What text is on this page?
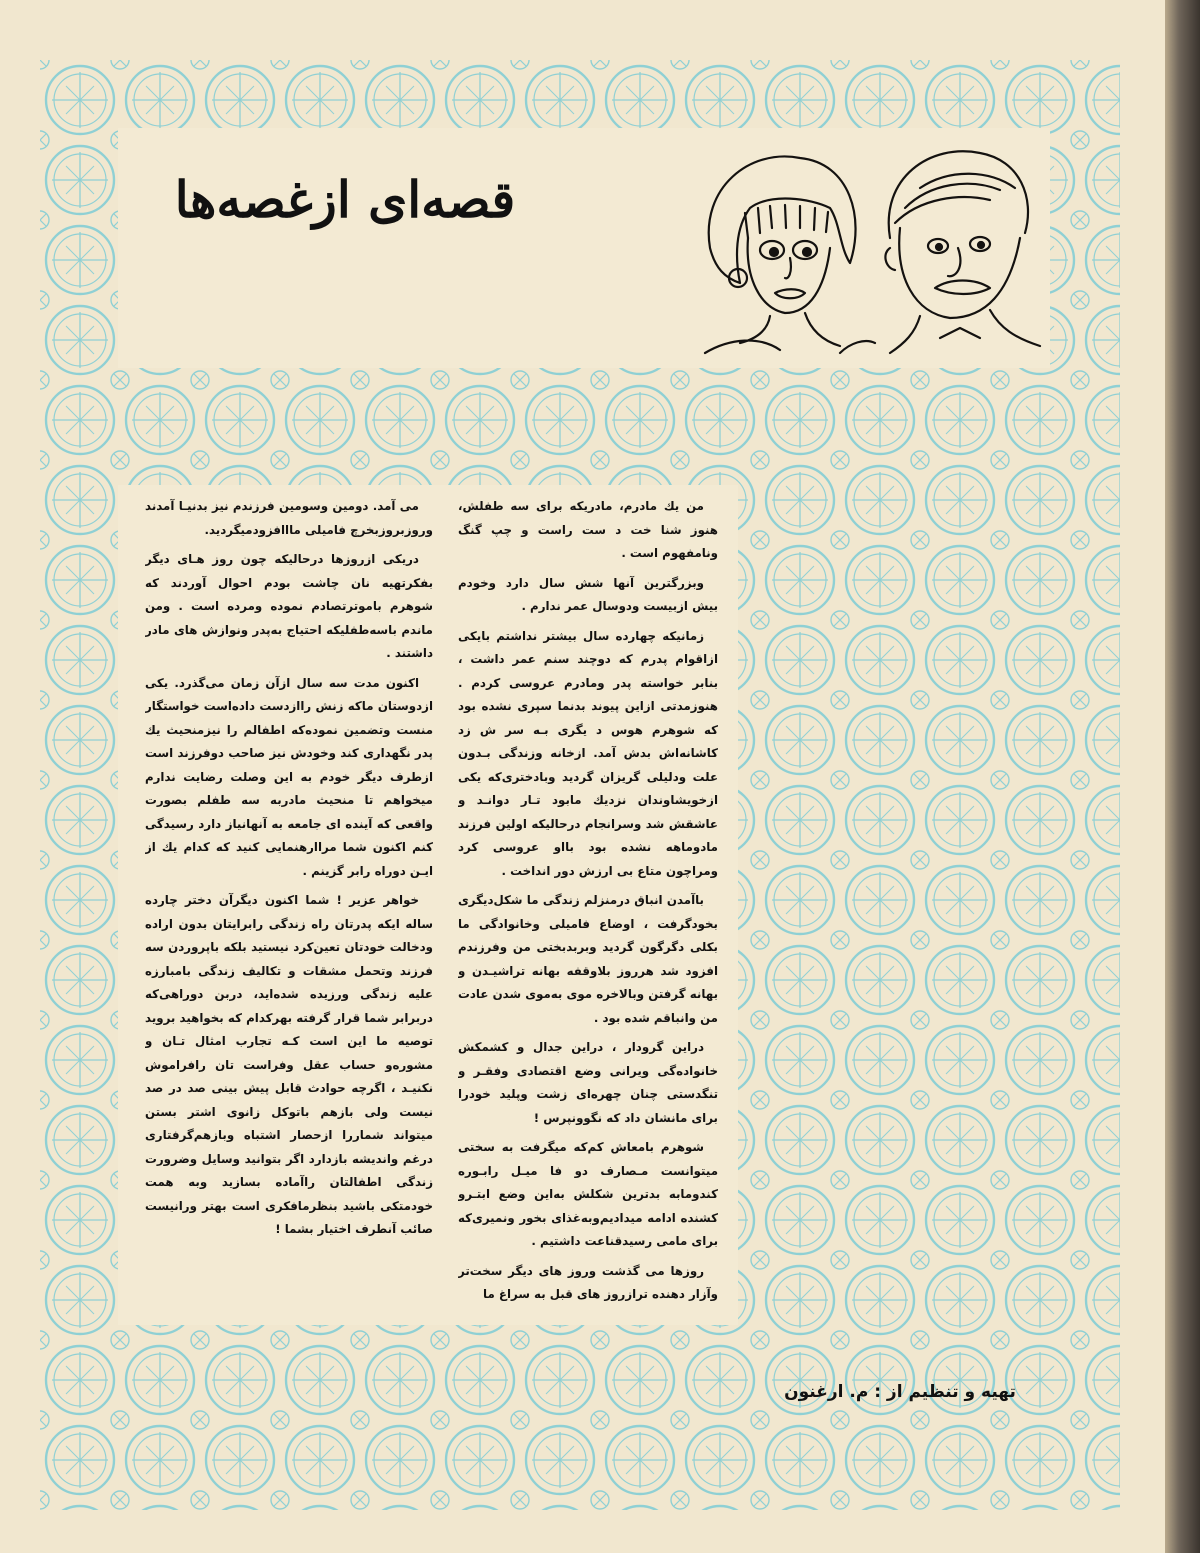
قصه‌ای ازغصه‌ها

من یك مادرم، مادریكه برای سه طفلش، هنوز شنا خت د ست راست و چپ گنگ ونامفهوم است .

وبزرگترین آنها شش سال دارد وخودم بیش ازبیست ودوسال عمر ندارم .

زمانیکه چهارده سال بیشتر نداشتم بایکی ازاقوام پدرم که دوچند سنم عمر داشت ، بنابر خواسته پدر ومادرم عروسی کردم . هنوزمدتی ازاین پیوند بدنما سپری نشده بود که شوهرم هوس د یگری بـه سر ش زد کاشانه‌اش بدش آمد. ازخانه وزندگی بـدون علت ودلیلی گریزان گردید وبادختری‌که یکی ازخویشاوندان نزدیك مابود تـار دوانـد و عاشقش شد وسرانجام درحالیکه اولین فرزند مادوماهه نشده بود بااو عروسی کرد ومراچون متاع بی ارزش دور انداخت .

باآمدن انباق درمنزلم زندگی ما شکل‌دیگری بخودگرفت ، اوضاع فامیلی وخانوادگی ما بکلی دگرگون گردید وبربدبختی من وفرزندم افزود شد هرروز بلاوقفه بهانه تراشیـدن و بهانه گرفتن وبالاخره موی به‌موی شدن عادت من وانباقم شده بود .

دراین گرودار ، دراین جدال و کشمکش خانواده‌گی ویرانی وضع اقتصادی وفقـر و تنگدستی چنان چهره‌ای زشت وپلید خودرا برای مانشان داد که نگوونپرس !

شوهرم بامعاش کم‌که میگرفت به سختی میتوانست مـصارف دو فا میـل رابـوره کندومابه بدترین شکلش به‌این وضع ابتـرو کشنده ادامه میدادیم‌وبه‌غذای بخور ونمیری‌که برای مامی رسیدقناعت داشتیم .

روزها می گذشت وروز های دیگر سخت‌تر وآزار دهنده ترازروز های قبل به سراغ ما

می آمد. دومین وسومین فرزندم نیز بدنیـا آمدند وروزبروزبخرچ فامیلی مااافزودمیگردید.

دریکی ازروزها درحالیکه چون روز هـای دیگر بفکرتهیه نان چاشت بودم احوال آوردند که شوهرم باموترتصادم نموده ومرده است . ومن ماندم باسه‌طفلیکه احتیاج به‌پدر ونوازش های مادر داشتند .

اکنون مدت سه سال ازآن زمان می‌گذرد. یکی ازدوستان ماکه زنش راازدست داده‌است خواستگار منست وتضمین نموده‌که اطفالم را نیزمنحیث یك پدر نگهداری کند وخودش نیز صاحب دوفرزند است ازطرف دیگر خودم به این وصلت رضایت ندارم میخواهم تا منحیث مادربه سه طفلم بصورت واقعی که آینده ای جامعه به آنهانیاز دارد رسیدگی کنم اکنون شما مراارهنمایی کنید که کدام یك از ایـن دوراه رابر گزینم .

خواهر عزیر ! شما اکنون دیگرآن دختر چارده ساله ایکه پدرتان راه زندگی رابرایتان بدون اراده ودخالت خودتان تعین‌کرد نیستید بلکه باپروردن سه فرزند وتحمل مشقات و تکالیف زندگی بامبارزه علیه زندگی ورزیده شده‌اید، دربن دوراهی‌که دربرابر شما قرار گرفته بهرکدام که بخواهید بروید توصیه ما این است کـه تجارب امثال تـان و مشوره‌و حساب عقل وفراست تان رافراموش نکنیـد ، اگرچه حوادث قابل پیش بینی صد در صد نیست ولی بازهم باتوکل زانوی اشتر بستن میتواند شماررا ازحصار اشتباه وبازهم‌گرفتاری درغم واندیشه بازدارد اگر بتوانید وسایل وضرورت زندگی اطفالتان راآماده بسازید وبه همت خودمتکی باشید بنظرمافکری است بهتر ورانیست صائب آنطرف اختیار بشما !

تهیه و تنظیم از : م. ارغنون
